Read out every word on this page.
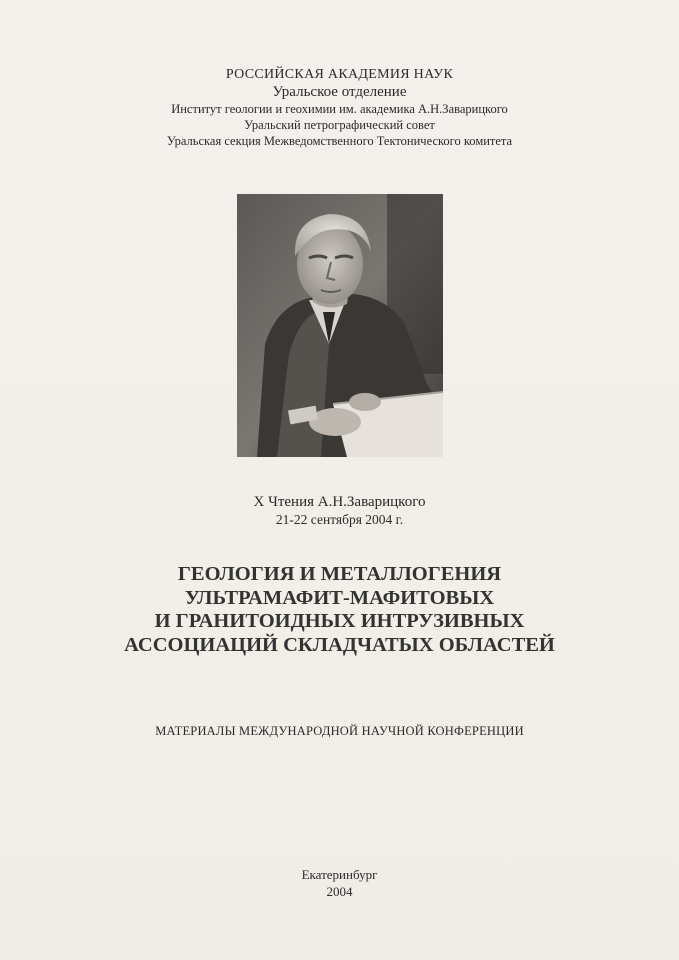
РОССИЙСКАЯ АКАДЕМИЯ НАУК
Уральское отделение
Институт геологии и геохимии им. академика А.Н.Заварицкого
Уральский петрографический совет
Уральская секция Межведомственного Тектонического комитета
X Чтения А.Н.Заварицкого
21-22 сентября 2004 г.
ГЕОЛОГИЯ И МЕТАЛЛОГЕНИЯ
УЛЬТРАМАФИТ-МАФИТОВЫХ
И ГРАНИТОИДНЫХ ИНТРУЗИВНЫХ
АССОЦИАЦИЙ СКЛАДЧАТЫХ ОБЛАСТЕЙ
МАТЕРИАЛЫ МЕЖДУНАРОДНОЙ НАУЧНОЙ КОНФЕРЕНЦИИ
Екатеринбург
2004
